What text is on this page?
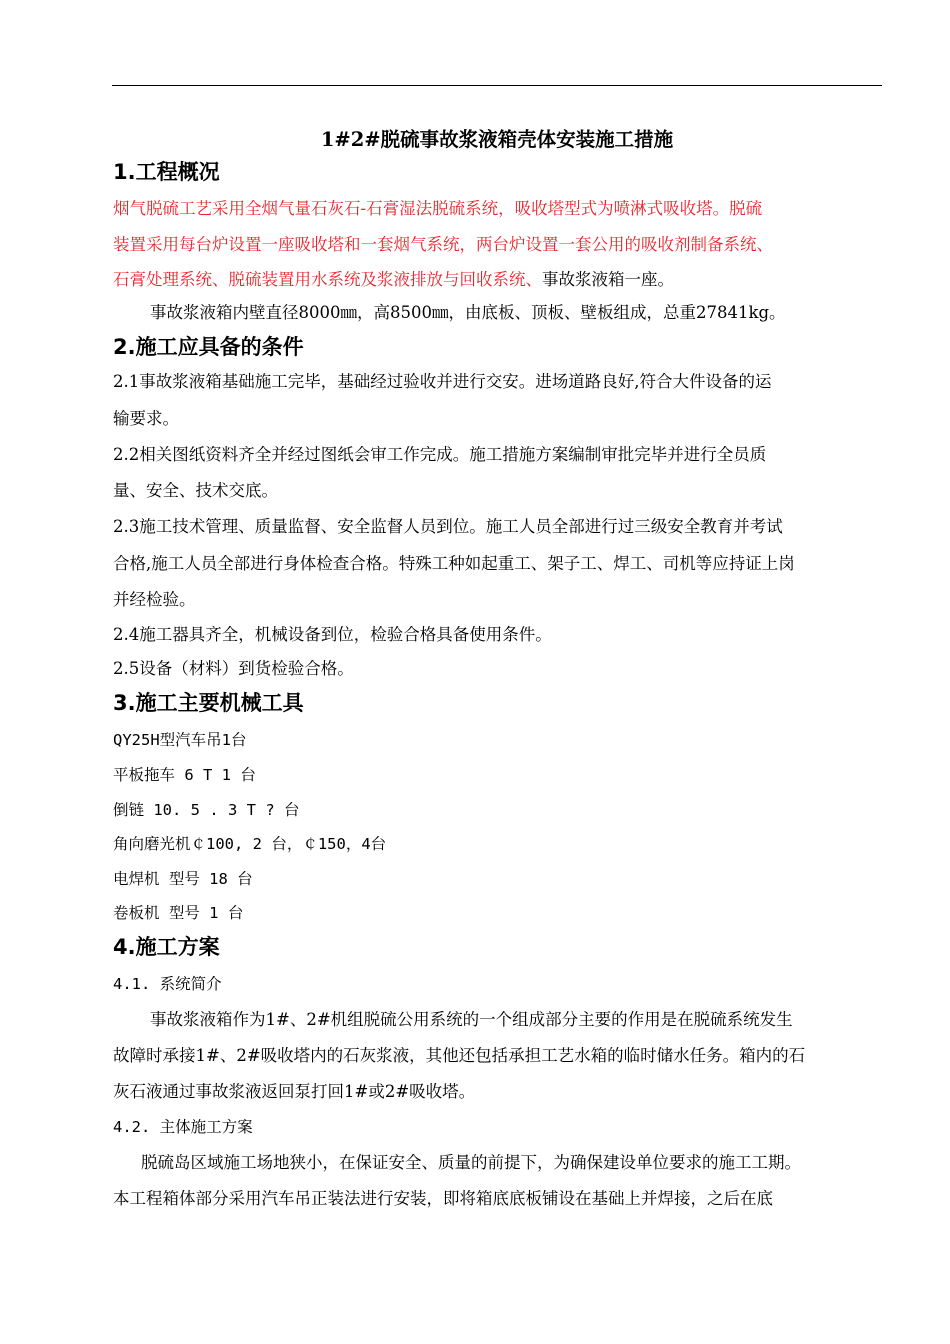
1#2#脱硫事故浆液箱壳体安装施工措施
1.工程概况
烟气脱硫工艺采用全烟气量石灰石-石膏湿法脱硫系统，吸收塔型式为喷淋式吸收塔。脱硫
装置采用每台炉设置一座吸收塔和一套烟气系统，两台炉设置一套公用的吸收剂制备系统、
石膏处理系统、脱硫装置用水系统及浆液排放与回收系统、事故浆液箱一座。
事故浆液箱内壁直径8000㎜，高8500㎜，由底板、顶板、壁板组成，总重27841kg。
2.施工应具备的条件
2.1事故浆液箱基础施工完毕，基础经过验收并进行交安。进场道路良好,符合大件设备的运
输要求。
2.2相关图纸资料齐全并经过图纸会审工作完成。施工措施方案编制审批完毕并进行全员质
量、安全、技术交底。
2.3施工技术管理、质量监督、安全监督人员到位。施工人员全部进行过三级安全教育并考试
合格,施工人员全部进行身体检查合格。特殊工种如起重工、架子工、焊工、司机等应持证上岗
并经检验。
2.4施工器具齐全，机械设备到位，检验合格具备使用条件。
2.5设备（材料）到货检验合格。
3.施工主要机械工具
QY25H型汽车吊1台
平板拖车 6 T 1 台
倒链 10. 5 . 3 T ? 台
角向磨光机￠100, 2 台，￠150，4台
电焊机 型号 18 台
卷板机 型号 1 台
4.施工方案
4.1. 系统简介
事故浆液箱作为1#、2#机组脱硫公用系统的一个组成部分主要的作用是在脱硫系统发生
故障时承接1#、2#吸收塔内的石灰浆液，其他还包括承担工艺水箱的临时储水任务。箱内的石
灰石液通过事故浆液返回泵打回1#或2#吸收塔。
4.2. 主体施工方案
脱硫岛区域施工场地狭小，在保证安全、质量的前提下，为确保建设单位要求的施工工期。
本工程箱体部分采用汽车吊正装法进行安装，即将箱底底板铺设在基础上并焊接，之后在底
